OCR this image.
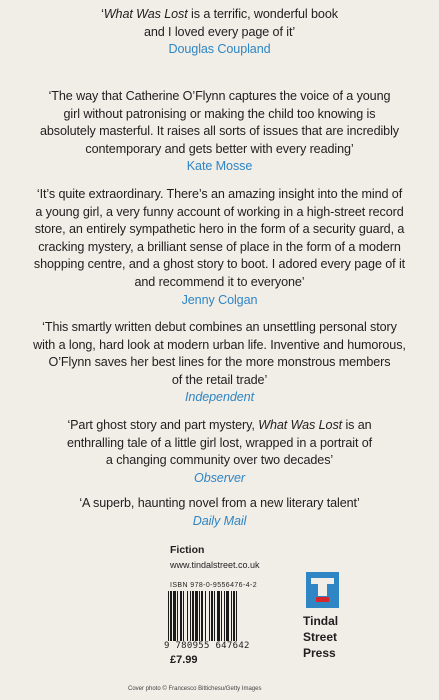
‘What Was Lost is a terrific, wonderful book

and I loved every page of it’

Douglas Coupland

‘The way that Catherine O’Flynn captures the voice of a young

girl without patronising or making the child too knowing is

absolutely masterful. It raises all sorts of issues that are incredibly

contemporary and gets better with every reading’

Kate Mosse

‘It’s quite extraordinary. There’s an amazing insight into the mind of

a young girl, a very funny account of working in a high-street record

store, an entirely sympathetic hero in the form of a security guard, a

cracking mystery, a brilliant sense of place in the form of a modern

shopping centre, and a ghost story to boot. I adored every page of it

and recommend it to everyone’

Jenny Colgan

‘This smartly written debut combines an unsettling personal story

with a long, hard look at modern urban life. Inventive and humorous,

O’Flynn saves her best lines for the more monstrous members

of the retail trade’

Independent

‘Part ghost story and part mystery, What Was Lost is an

enthralling tale of a little girl lost, wrapped in a portrait of

a changing community over two decades’

Observer

‘A superb, haunting novel from a new literary talent’

Daily Mail

Fiction
www.tindalstreet.co.uk
ISBN 978-0-9556476-4-2
9 780955 647642
£7.99
Tindal
Street
Press
Cover photo © Francesco Bittichesu/Getty Images
